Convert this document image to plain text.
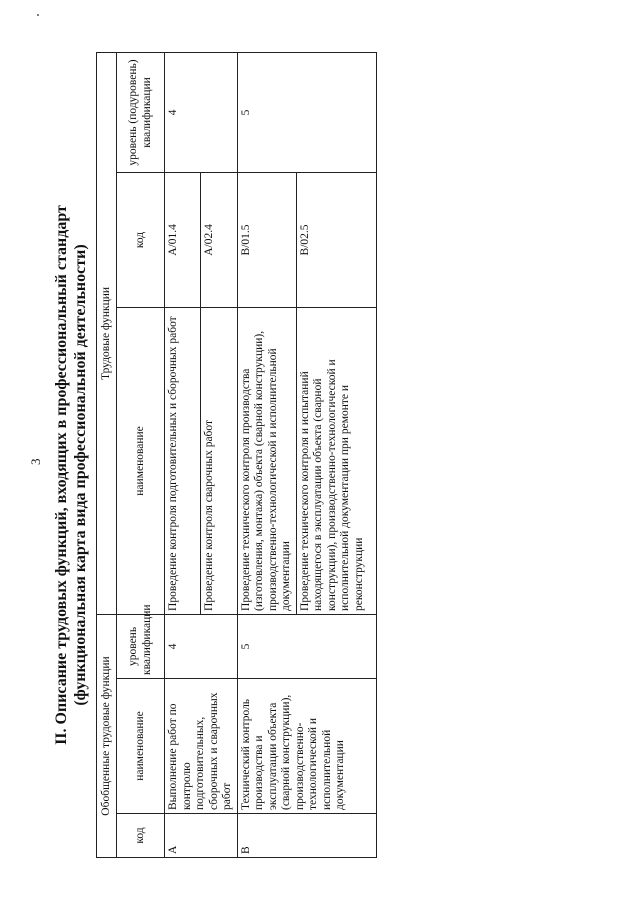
3 II. Описание трудовых функций, входящих в профессиональный стандарт (функциональная карта вида профессиональной деятельности)
Обобщенные трудовые функции			Трудовые функции		
код	наименование	уровень квалификации	наименование	код	уровень (подуровень) квалификации
A	Выполнение работ по контролю подготовительных, сборочных и сварочных работ	4	Проведение контроля подготовительных и сборочных работ	A/01.4	4
			Проведение контроля сварочных работ	A/02.4	
B	Технический контроль производства и эксплуатации объекта (сварной конструкции), производственно-технологической и исполнительной документации	5	Проведение технического контроля производства (изготовления, монтажа) объекта (сварной конструкции), производственно-технологической и исполнительной документации	B/01.5	5
			Проведение технического контроля и испытаний находящегося в эксплуатации объекта (сварной конструкции), производственно-технологической и исполнительной документации при ремонте и реконструкции	B/02.5	
